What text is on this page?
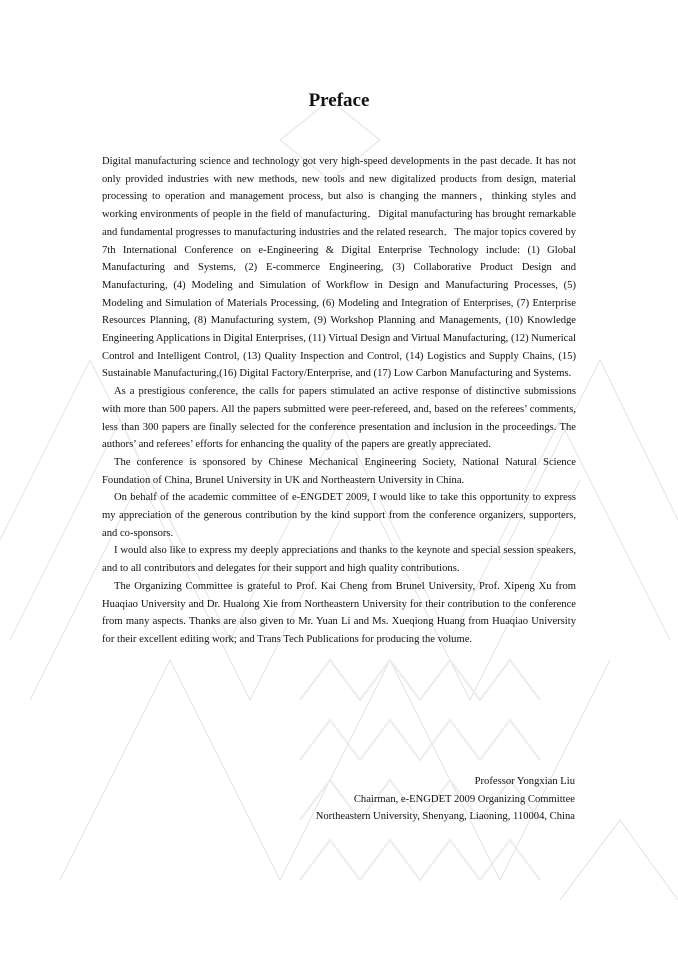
Preface

Digital manufacturing science and technology got very high-speed developments in the past decade. It has not only provided industries with new methods, new tools and new digitalized products from design, material processing to operation and management process, but also is changing the manners，thinking styles and working environments of people in the field of manufacturing．Digital manufacturing has brought remarkable and fundamental progresses to manufacturing industries and the related research．The major topics covered by 7th International Conference on e-Engineering & Digital Enterprise Technology include: (1) Global Manufacturing and Systems, (2) E-commerce Engineering, (3) Collaborative Product Design and Manufacturing, (4) Modeling and Simulation of Workflow in Design and Manufacturing Processes, (5) Modeling and Simulation of Materials Processing, (6) Modeling and Integration of Enterprises, (7) Enterprise Resources Planning, (8) Manufacturing system, (9) Workshop Planning and Managements, (10) Knowledge Engineering Applications in Digital Enterprises, (11) Virtual Design and Virtual Manufacturing, (12) Numerical Control and Intelligent Control, (13) Quality Inspection and Control, (14) Logistics and Supply Chains, (15) Sustainable Manufacturing,(16) Digital Factory/Enterprise, and (17) Low Carbon Manufacturing and Systems.

As a prestigious conference, the calls for papers stimulated an active response of distinctive submissions with more than 500 papers. All the papers submitted were peer-refereed, and, based on the referees’ comments, less than 300 papers are finally selected for the conference presentation and inclusion in the proceedings. The authors’ and referees’ efforts for enhancing the quality of the papers are greatly appreciated.

The conference is sponsored by Chinese Mechanical Engineering Society, National Natural Science Foundation of China, Brunel University in UK and Northeastern University in China.

On behalf of the academic committee of e-ENGDET 2009, I would like to take this opportunity to express my appreciation of the generous contribution by the kind support from the conference organizers, supporters, and co-sponsors.

I would also like to express my deeply appreciations and thanks to the keynote and special session speakers, and to all contributors and delegates for their support and high quality contributions.

The Organizing Committee is grateful to Prof. Kai Cheng from Brunel University, Prof. Xipeng Xu from Huaqiao University and Dr. Hualong Xie from Northeastern University for their contribution to the conference from many aspects. Thanks are also given to Mr. Yuan Li and Ms. Xueqiong Huang from Huaqiao University for their excellent editing work; and Trans Tech Publications for producing the volume.

Professor Yongxian Liu
Chairman, e-ENGDET 2009 Organizing Committee
Northeastern University, Shenyang, Liaoning, 110004, China
